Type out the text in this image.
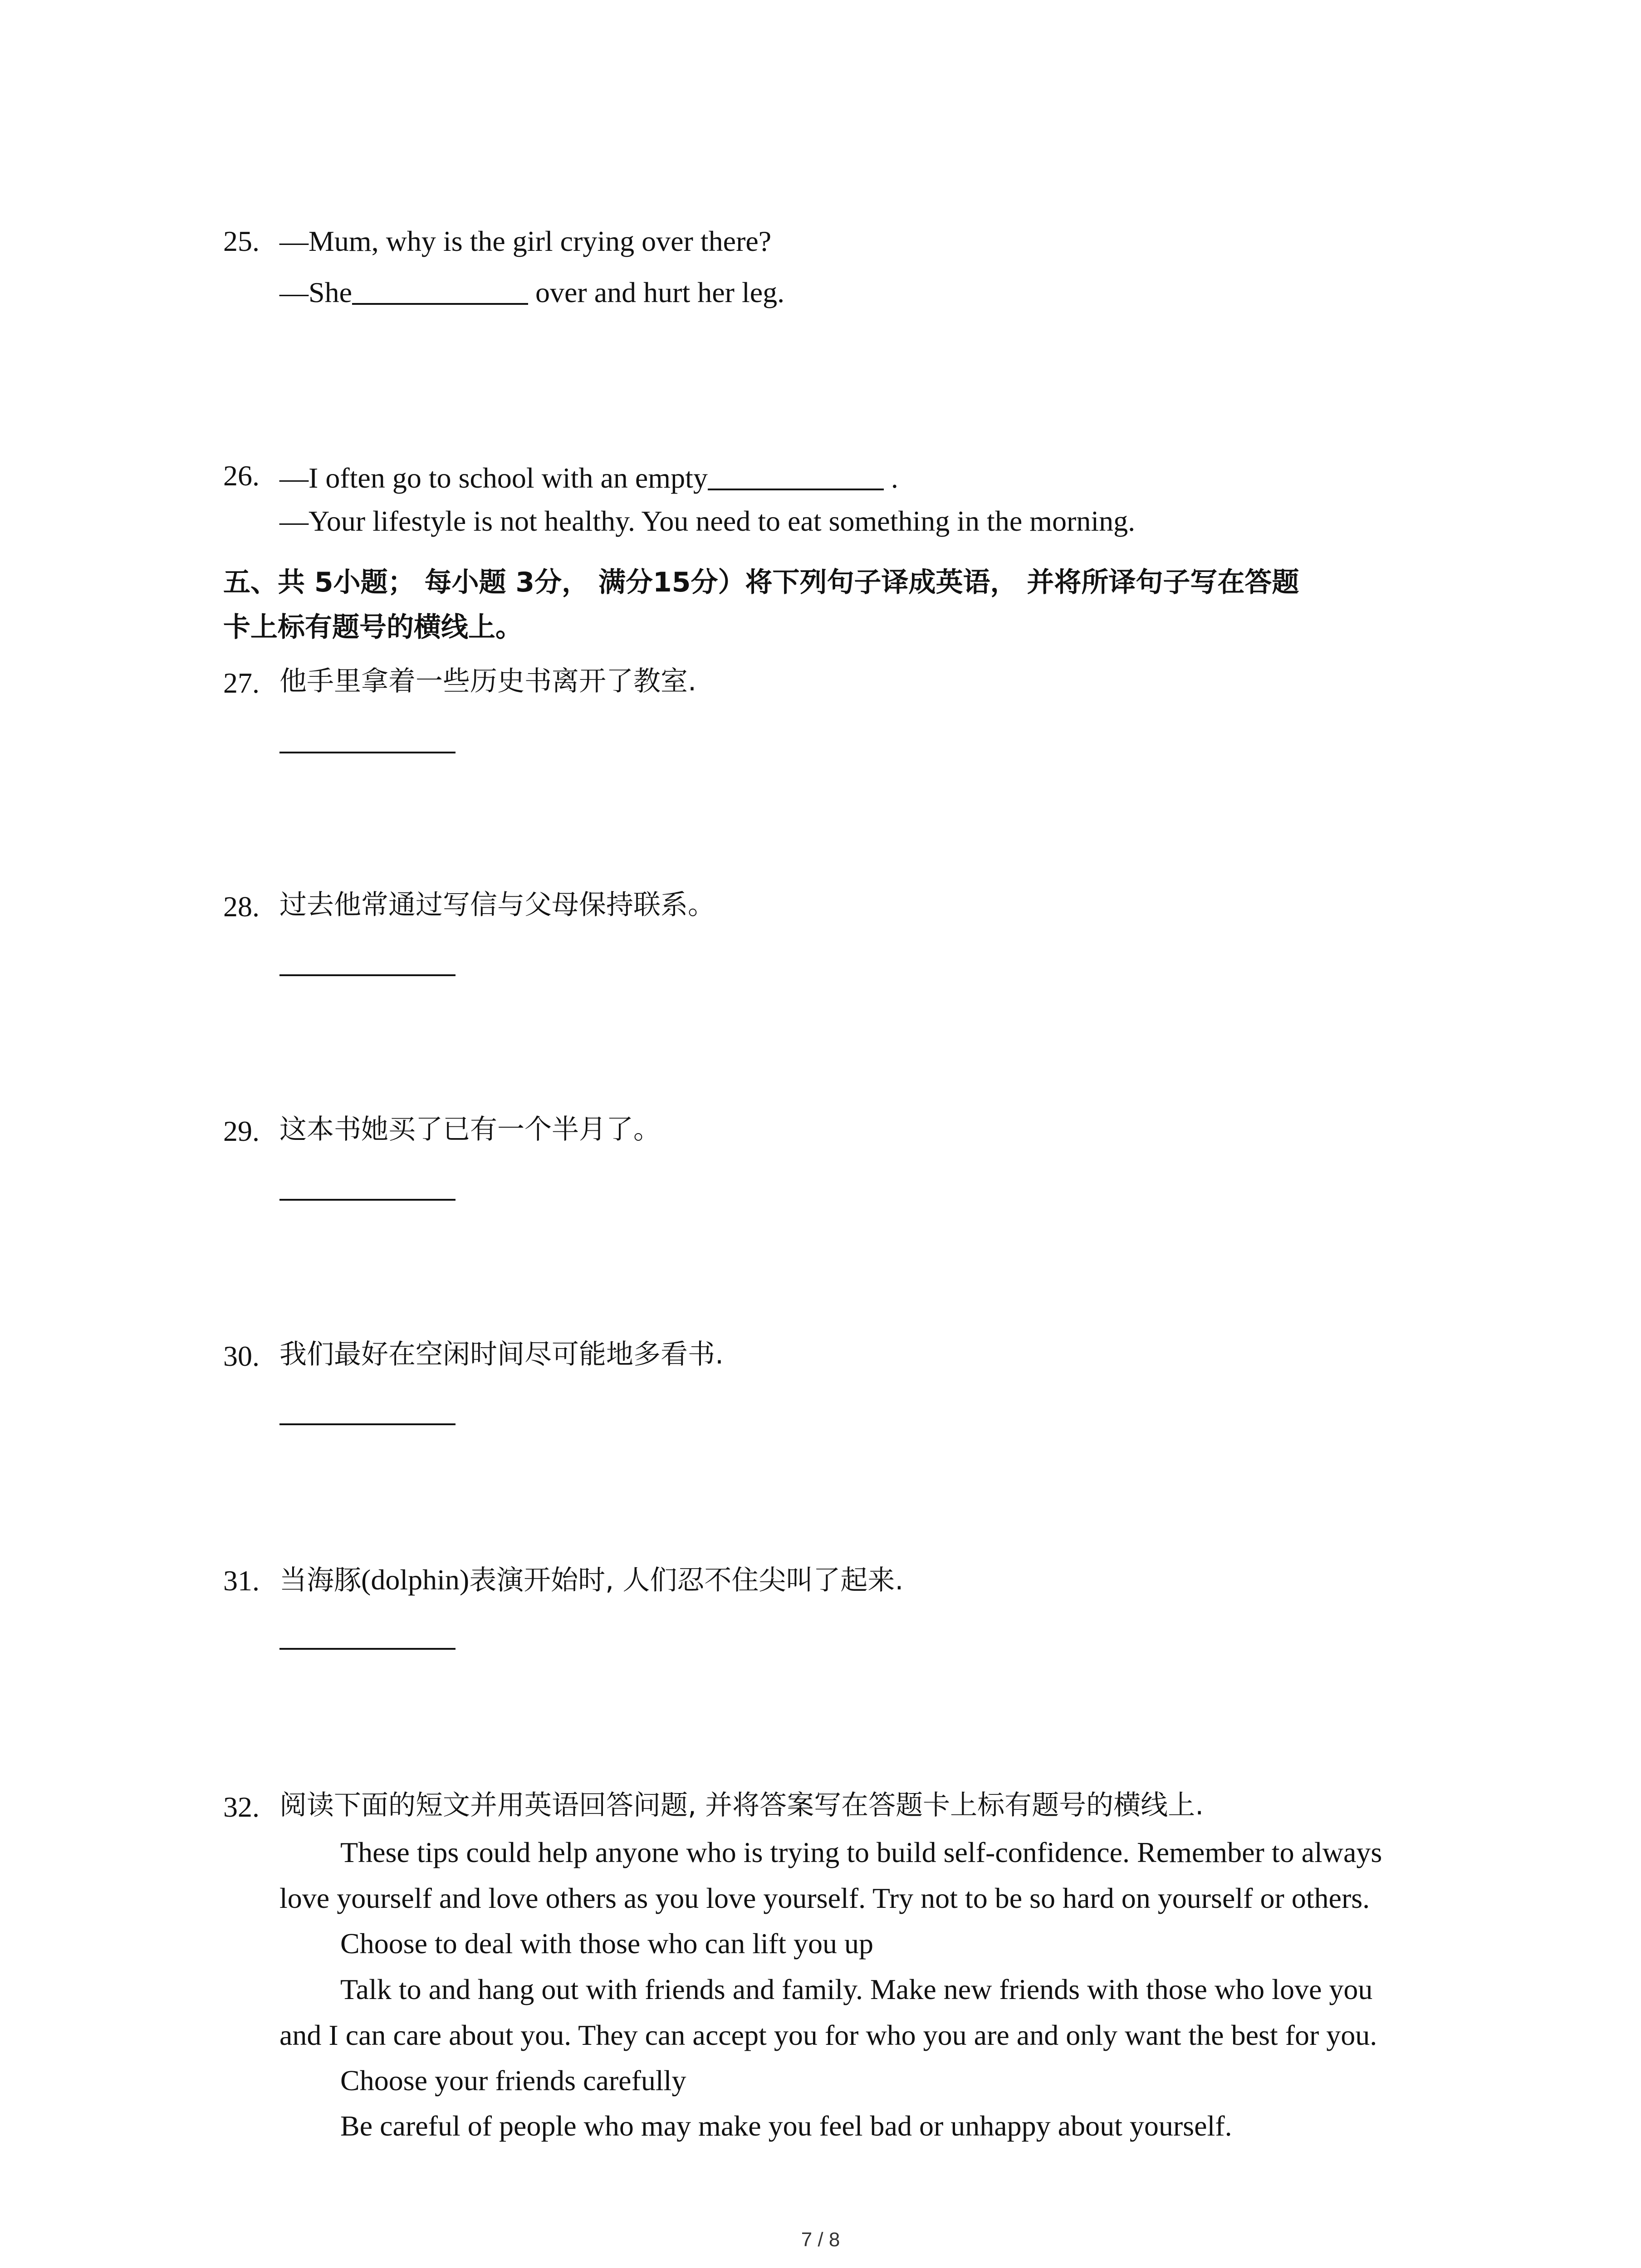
25. —Mum, why is the girl crying over there?
—She	over and hurt her leg.
26. —I often go to school with an empty	.
—Your lifestyle is not healthy. You need to eat something in the morning.
五、共 5小题； 每小题 3分， 满分15分）将下列句子译成英语， 并将所译句子写在答题
卡上标有题号的横线上。
27. 他手里拿着一些历史书离开了教室.
28. 过去他常通过写信与父母保持联系。
29. 这本书她买了已有一个半月了。
30. 我们最好在空闲时间尽可能地多看书.
31. 当海豚(dolphin)表演开始时, 人们忍不住尖叫了起来.
32. 阅读下面的短文并用英语回答问题, 并将答案写在答题卡上标有题号的横线上.
These tips could help anyone who is trying to build self-confidence. Remember to always
love yourself and love others as you love yourself. Try not to be so hard on yourself or others.
Choose to deal with those who can lift you up
Talk to and hang out with friends and family. Make new friends with those who love you
and I can care about you. They can accept you for who you are and only want the best for you.
Choose your friends carefully
Be careful of people who may make you feel bad or unhappy about yourself.
7 / 8
